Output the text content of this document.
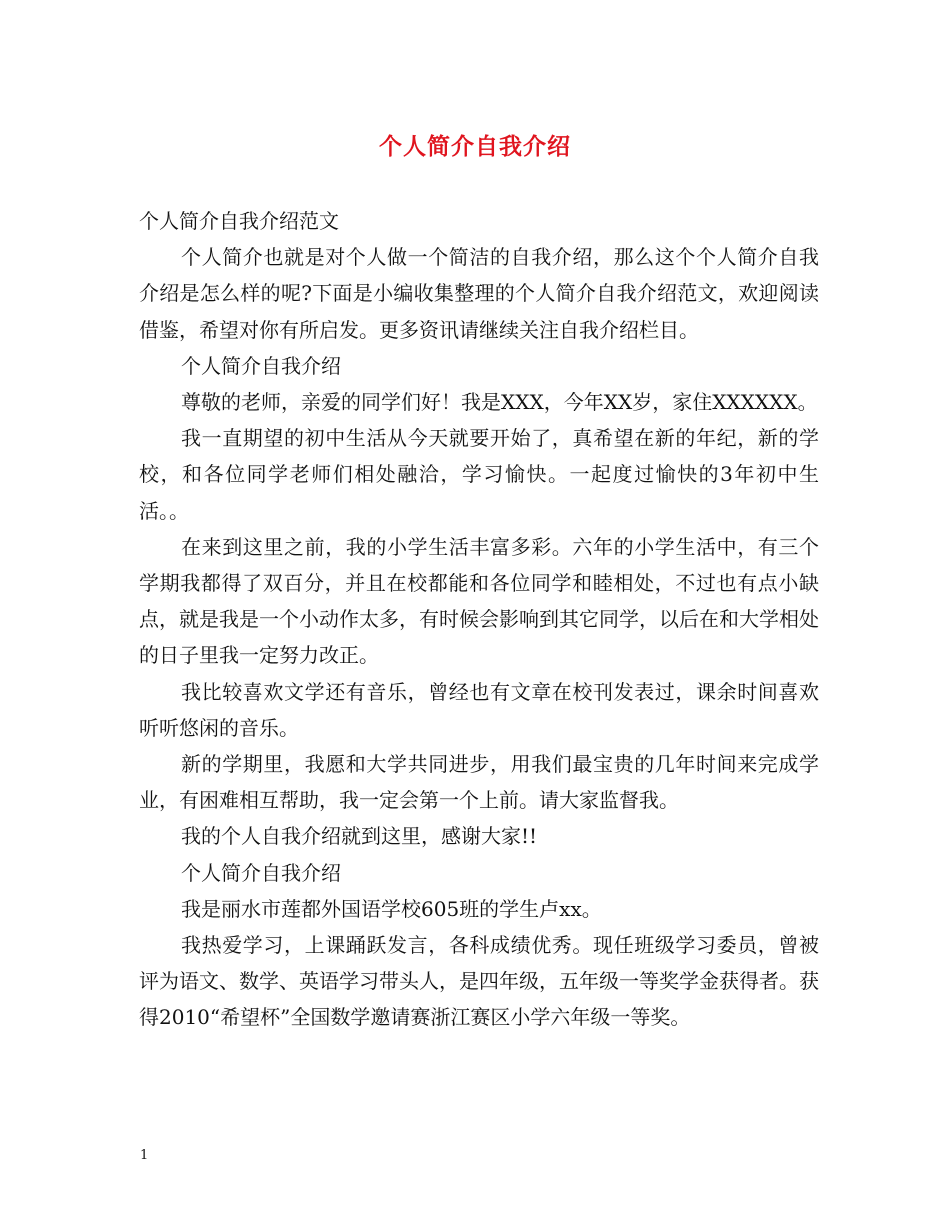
个人简介自我介绍

个人简介自我介绍范文

个人简介也就是对个人做一个简洁的自我介绍，那么这个个人简介自我介绍是怎么样的呢?下面是小编收集整理的个人简介自我介绍范文，欢迎阅读借鉴，希望对你有所启发。更多资讯请继续关注自我介绍栏目。

个人简介自我介绍

尊敬的老师，亲爱的同学们好！我是XXX，今年XX岁，家住XXXXXX。

我一直期望的初中生活从今天就要开始了，真希望在新的年纪，新的学校，和各位同学老师们相处融洽，学习愉快。一起度过愉快的3年初中生活。。

在来到这里之前，我的小学生活丰富多彩。六年的小学生活中，有三个学期我都得了双百分，并且在校都能和各位同学和睦相处，不过也有点小缺点，就是我是一个小动作太多，有时候会影响到其它同学，以后在和大学相处的日子里我一定努力改正。

我比较喜欢文学还有音乐，曾经也有文章在校刊发表过，课余时间喜欢听听悠闲的音乐。

新的学期里，我愿和大学共同进步，用我们最宝贵的几年时间来完成学业，有困难相互帮助，我一定会第一个上前。请大家监督我。

我的个人自我介绍就到这里，感谢大家!!

个人简介自我介绍

我是丽水市莲都外国语学校605班的学生卢xx。

我热爱学习，上课踊跃发言，各科成绩优秀。现任班级学习委员，曾被评为语文、数学、英语学习带头人，是四年级，五年级一等奖学金获得者。获得2010“希望杯”全国数学邀请赛浙江赛区小学六年级一等奖。

1
